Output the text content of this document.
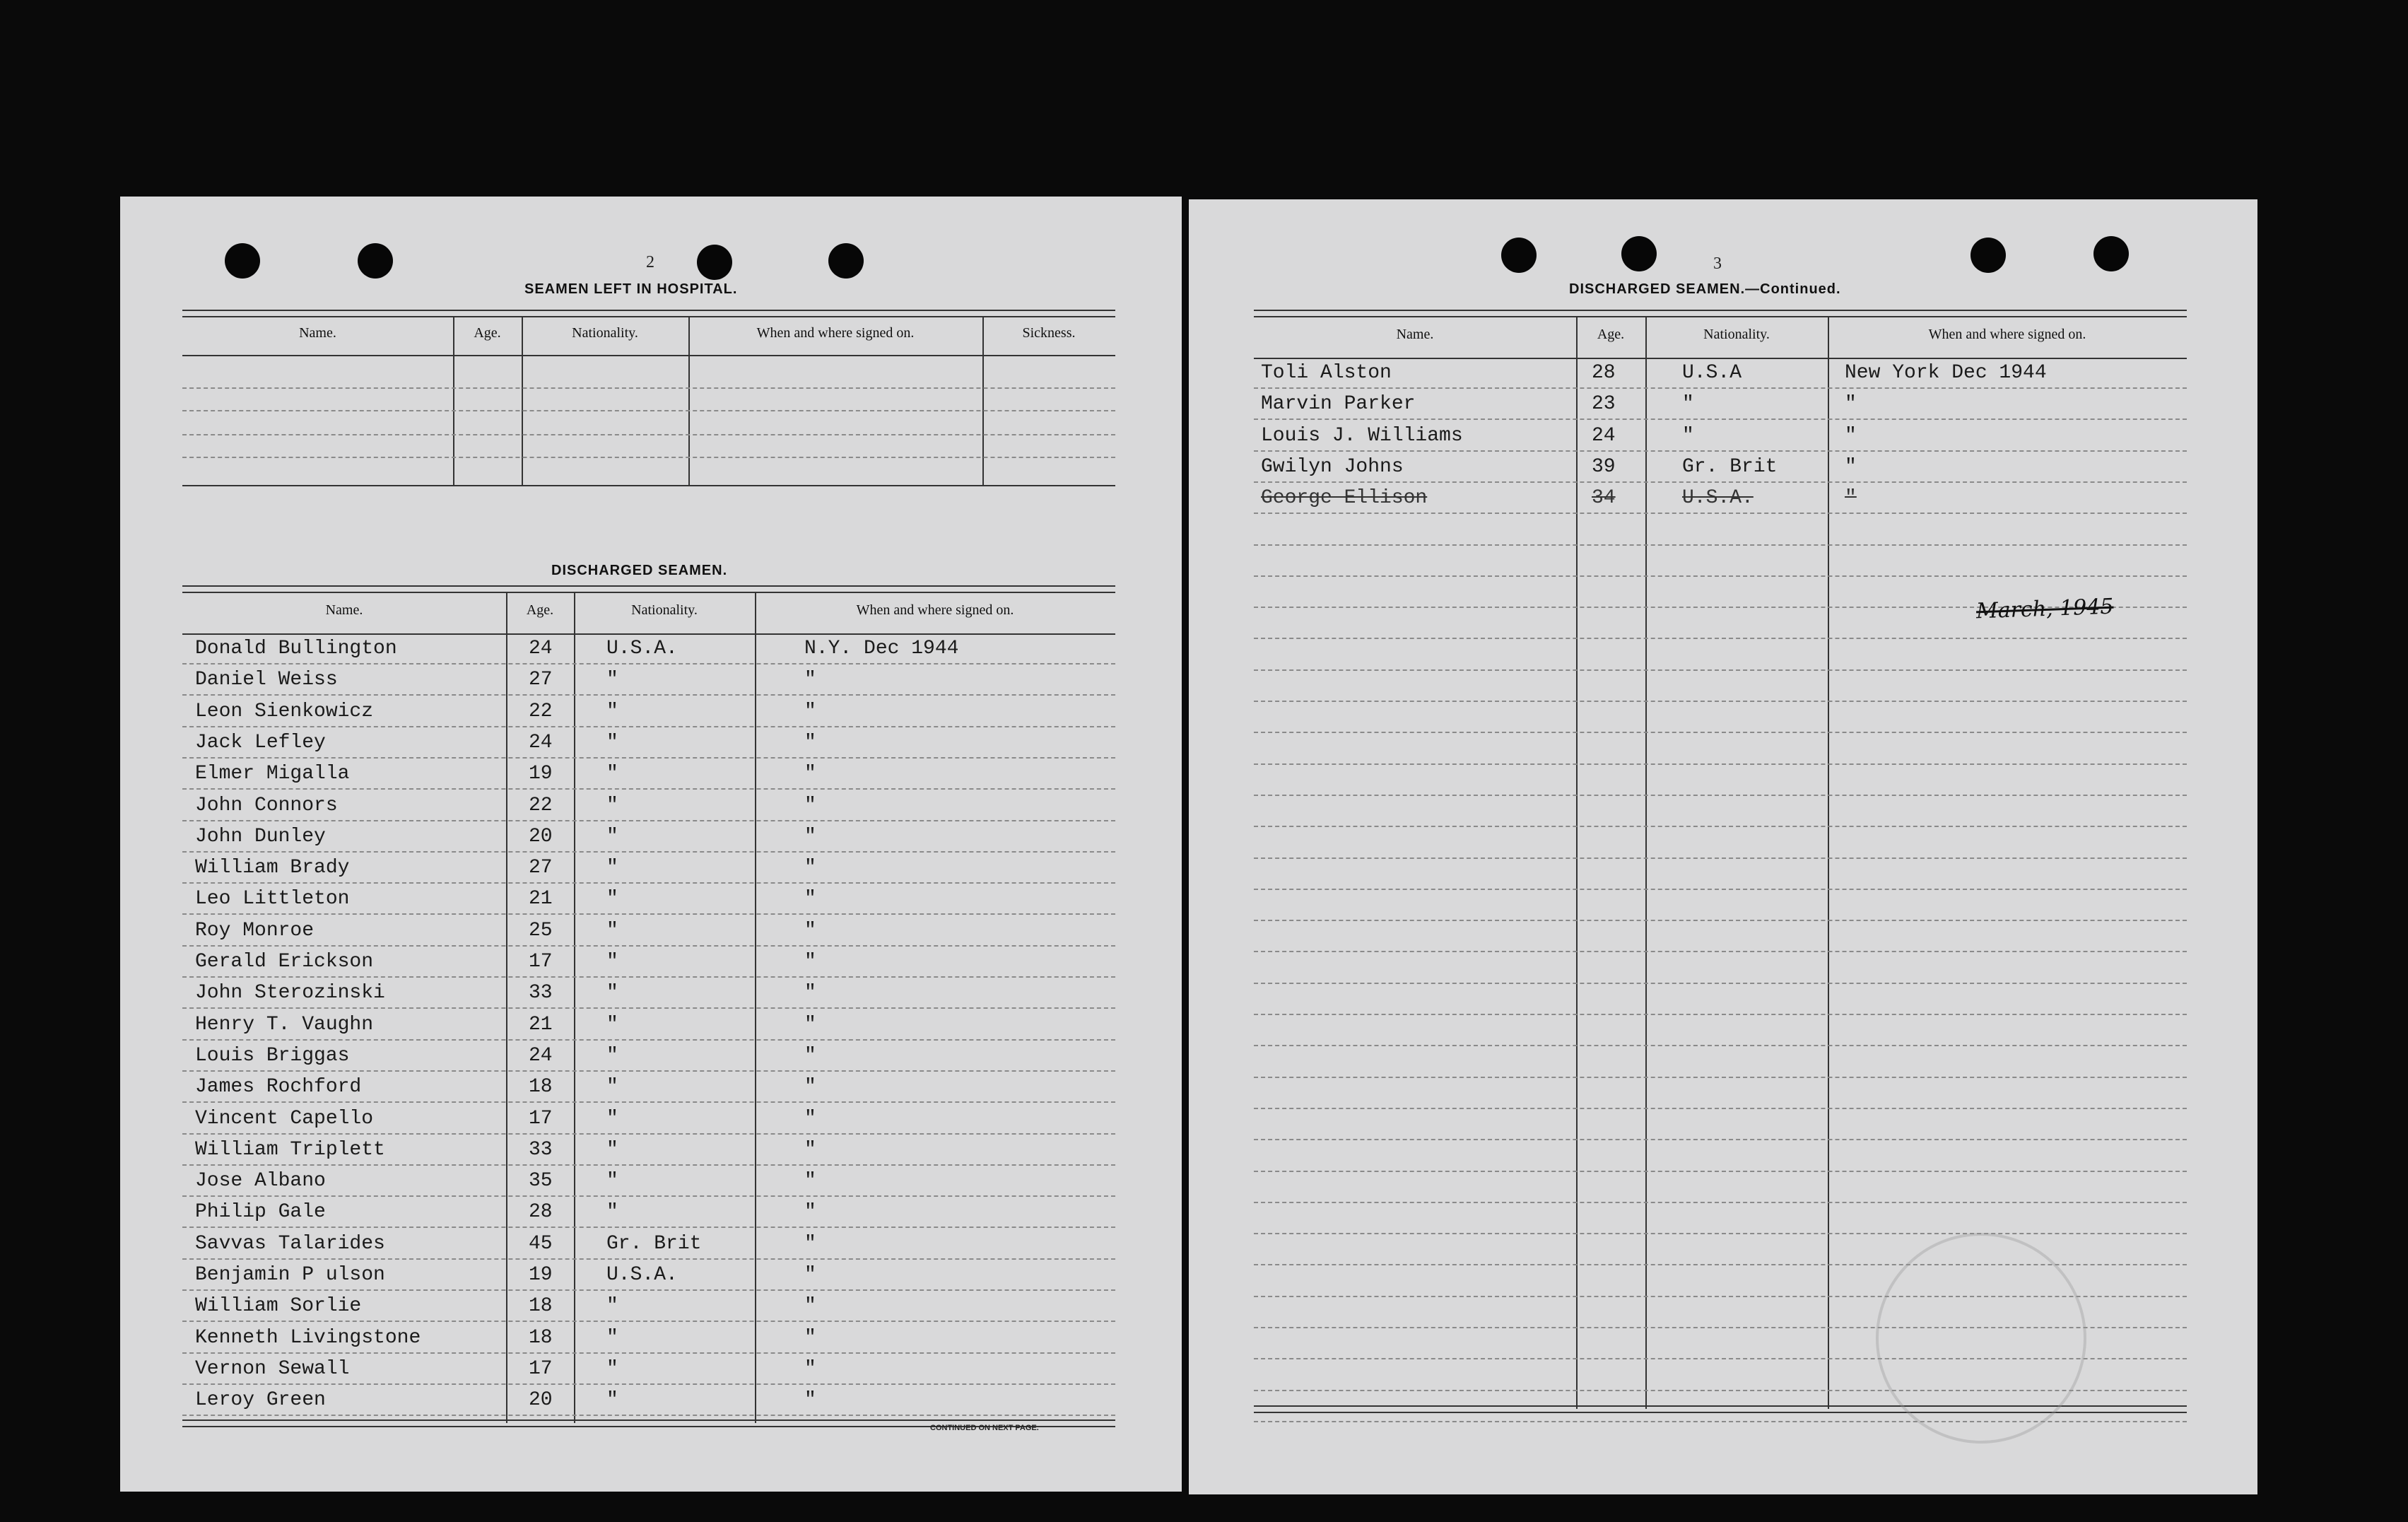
2
SEAMEN LEFT IN HOSPITAL.
Name.	Age.	Nationality.	When and where signed on.	Sickness.
DISCHARGED SEAMEN.
Name.	Age.	Nationality.	When and where signed on.
Donald Bullington	24	U.S.A.	N.Y. Dec 1944
Daniel Weiss	27	"	"
Leon Sienkowicz	22	"	"
Jack Lefley	24	"	"
Elmer Migalla	19	"	"
John Connors	22	"	"
John Dunley	20	"	"
William Brady	27	"	"
Leo Littleton	21	"	"
Roy Monroe	25	"	"
Gerald Erickson	17	"	"
John Sterozinski	33	"	"
Henry T. Vaughn	21	"	"
Louis Briggas	24	"	"
James Rochford	18	"	"
Vincent Capello	17	"	"
William Triplett	33	"	"
Jose Albano	35	"	"
Philip Gale	28	"	"
Savvas Talarides	45	Gr. Brit	"
Benjamin P ulson	19	U.S.A.	"
William Sorlie	18	"	"
Kenneth Livingstone	18	"	"
Vernon Sewall	17	"	"
Leroy Green	20	"	"
CONTINUED ON NEXT PAGE.
3
DISCHARGED SEAMEN.—Continued.
Name.	Age.	Nationality.	When and where signed on.
Toli Alston	28	U.S.A	New York Dec 1944
Marvin Parker	23	"	"
Louis J. Williams	24	"	"
Gwilyn Johns	39	Gr. Brit	"
George Ellison	34	U.S.A.	"
March, 1945
